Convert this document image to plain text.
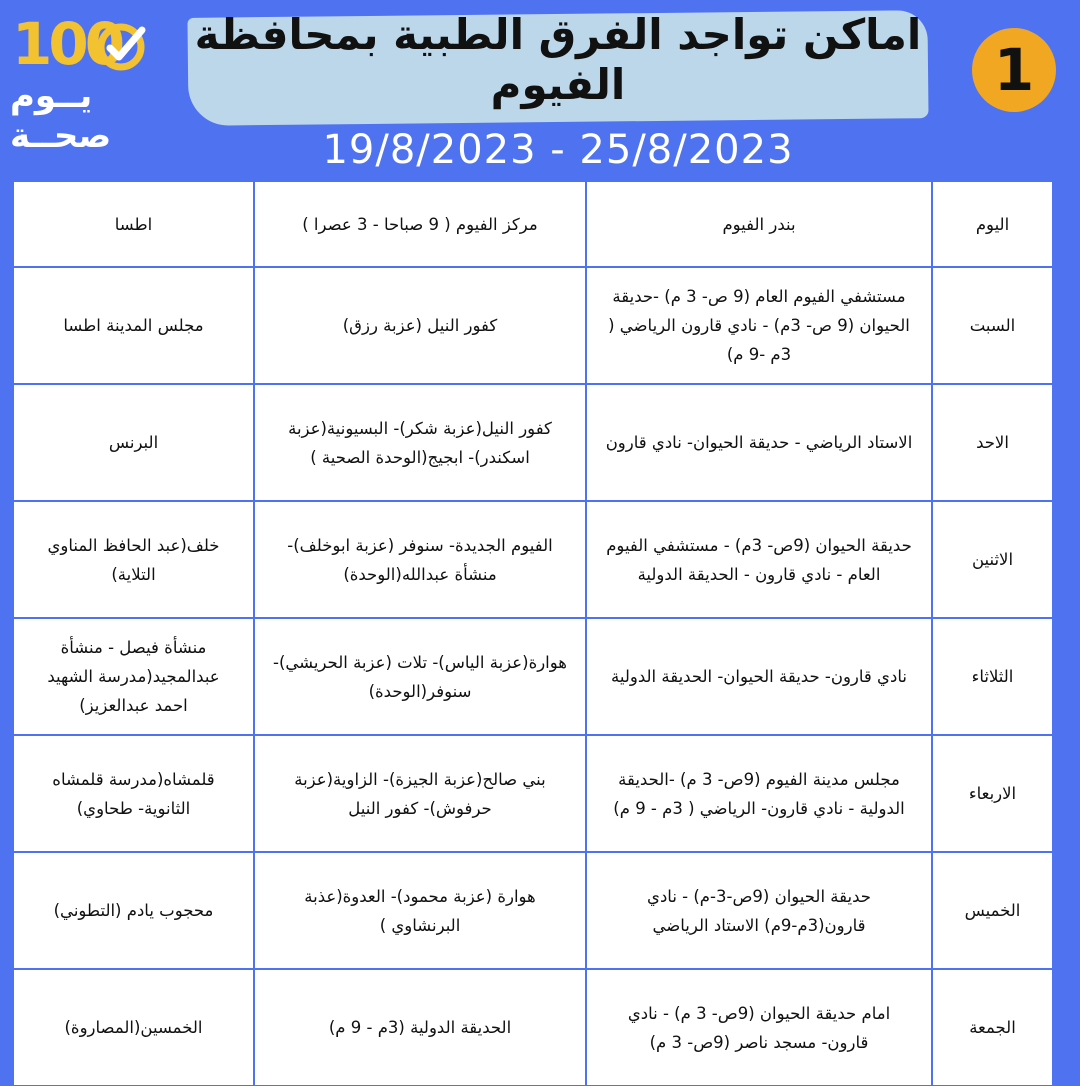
100
يــوم
صحــة
اماكن تواجد الفرق الطبية بمحافظة الفيوم
19/8/2023 - 25/8/2023
1
اليوم	بندر الفيوم	مركز الفيوم ( 9 صباحا - 3 عصرا )	اطسا
السبت	مستشفي الفيوم العام (9 ص- 3 م) -حديقة الحيوان (9 ص- 3م) - نادي قارون الرياضي ( 3م -9 م)	كفور النيل (عزبة رزق)	مجلس المدينة اطسا
الاحد	الاستاد الرياضي - حديقة الحيوان- نادي قارون	كفور النيل(عزبة شكر)- البسيونية(عزبة اسكندر)- ابجيج(الوحدة الصحية )	البرنس
الاثنين	حديقة الحيوان (9ص- 3م) - مستشفي الفيوم العام - نادي قارون - الحديقة الدولية	الفيوم الجديدة- سنوفر (عزبة ابوخلف)-منشأة عبدالله(الوحدة)	خلف(عبد الحافظ المناوي التلاية)
الثلاثاء	نادي قارون- حديقة الحيوان- الحديقة الدولية	هوارة(عزبة الياس)- تلات (عزبة الحريشي)-سنوفر(الوحدة)	منشأة فيصل - منشأة عبدالمجيد(مدرسة الشهيد احمد عبدالعزيز)
الاربعاء	مجلس مدينة الفيوم (9ص- 3 م) -الحديقة الدولية - نادي قارون- الرياضي ( 3م - 9 م)	بني صالح(عزبة الجيزة)- الزاوية(عزبة حرفوش)- كفور النيل	قلمشاه(مدرسة قلمشاه الثانوية- طحاوي)
الخميس	حديقة الحيوان (9ص-3-م) - نادي قارون(3م-9م) الاستاد الرياضي	هوارة (عزبة محمود)- العدوة(عذبة البرنشاوي )	محجوب يادم (التطوني)
الجمعة	امام حديقة الحيوان (9ص- 3 م) - نادي قارون- مسجد ناصر (9ص- 3 م)	الحديقة الدولية (3م - 9 م)	الخمسين(المصاروة)
